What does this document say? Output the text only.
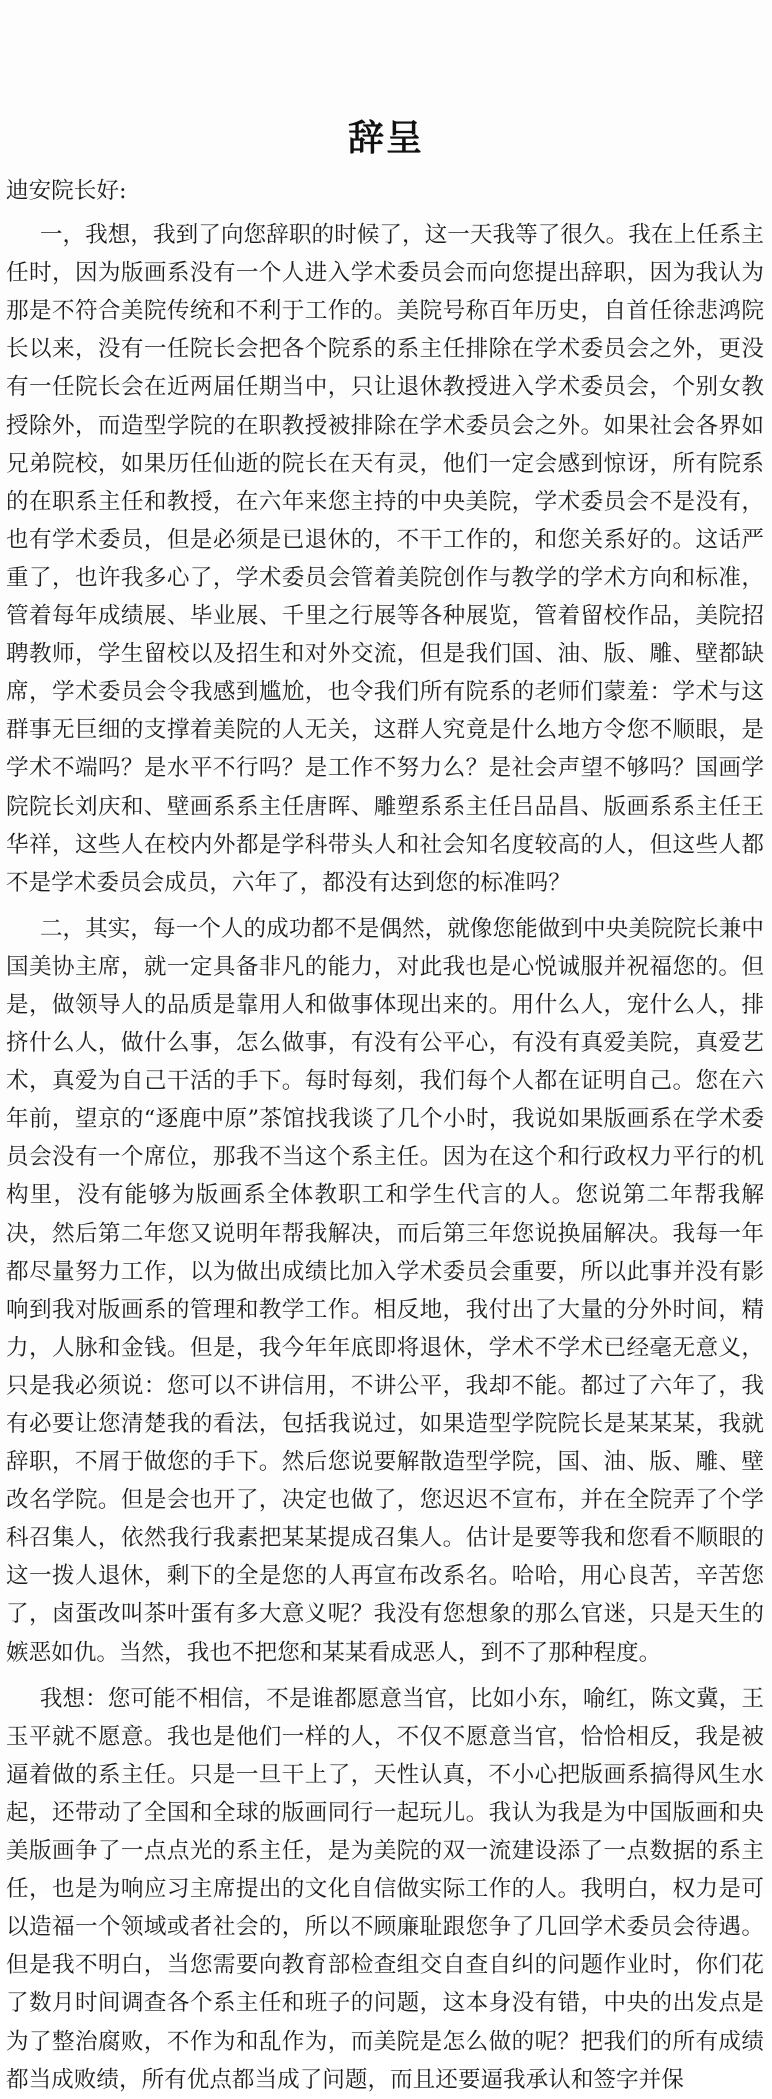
辞呈

迪安院长好:

一，我想，我到了向您辞职的时候了，这一天我等了很久。我在上任系主任时，因为版画系没有一个人进入学术委员会而向您提出辞职，因为我认为那是不符合美院传统和不利于工作的。美院号称百年历史，自首任徐悲鸿院长以来，没有一任院长会把各个院系的系主任排除在学术委员会之外，更没有一任院长会在近两届任期当中，只让退休教授进入学术委员会，个别女教授除外，而造型学院的在职教授被排除在学术委员会之外。如果社会各界如兄弟院校，如果历任仙逝的院长在天有灵，他们一定会感到惊讶，所有院系的在职系主任和教授，在六年来您主持的中央美院，学术委员会不是没有，也有学术委员，但是必须是已退休的，不干工作的，和您关系好的。这话严重了，也许我多心了，学术委员会管着美院创作与教学的学术方向和标准，管着每年成绩展、毕业展、千里之行展等各种展览，管着留校作品，美院招聘教师，学生留校以及招生和对外交流，但是我们国、油、版、雕、壁都缺席，学术委员会令我感到尴尬，也令我们所有院系的老师们蒙羞：学术与这群事无巨细的支撑着美院的人无关，这群人究竟是什么地方令您不顺眼，是学术不端吗？是水平不行吗？是工作不努力么？是社会声望不够吗？国画学院院长刘庆和、壁画系系主任唐晖、雕塑系系主任吕品昌、版画系系主任王华祥，这些人在校内外都是学科带头人和社会知名度较高的人，但这些人都不是学术委员会成员，六年了，都没有达到您的标准吗？

二，其实，每一个人的成功都不是偶然，就像您能做到中央美院院长兼中国美协主席，就一定具备非凡的能力，对此我也是心悦诚服并祝福您的。但是，做领导人的品质是靠用人和做事体现出来的。用什么人，宠什么人，排挤什么人，做什么事，怎么做事，有没有公平心，有没有真爱美院，真爱艺术，真爱为自己干活的手下。每时每刻，我们每个人都在证明自己。您在六年前，望京的“逐鹿中原”茶馆找我谈了几个小时，我说如果版画系在学术委员会没有一个席位，那我不当这个系主任。因为在这个和行政权力平行的机构里，没有能够为版画系全体教职工和学生代言的人。您说第二年帮我解决，然后第二年您又说明年帮我解决，而后第三年您说换届解决。我每一年都尽量努力工作，以为做出成绩比加入学术委员会重要，所以此事并没有影响到我对版画系的管理和教学工作。相反地，我付出了大量的分外时间，精力，人脉和金钱。但是，我今年年底即将退休，学术不学术已经毫无意义，只是我必须说：您可以不讲信用，不讲公平，我却不能。都过了六年了，我有必要让您清楚我的看法，包括我说过，如果造型学院院长是某某某，我就辞职，不屑于做您的手下。然后您说要解散造型学院，国、油、版、雕、壁改名学院。但是会也开了，决定也做了，您迟迟不宣布，并在全院弄了个学科召集人，依然我行我素把某某提成召集人。估计是要等我和您看不顺眼的这一拨人退休，剩下的全是您的人再宣布改系名。哈哈，用心良苦，辛苦您了，卤蛋改叫茶叶蛋有多大意义呢？我没有您想象的那么官迷，只是天生的嫉恶如仇。当然，我也不把您和某某看成恶人，到不了那种程度。

我想：您可能不相信，不是谁都愿意当官，比如小东，喻红，陈文冀，王玉平就不愿意。我也是他们一样的人，不仅不愿意当官，恰恰相反，我是被逼着做的系主任。只是一旦干上了，天性认真，不小心把版画系搞得风生水起，还带动了全国和全球的版画同行一起玩儿。我认为我是为中国版画和央美版画争了一点点光的系主任，是为美院的双一流建设添了一点数据的系主任，也是为响应习主席提出的文化自信做实际工作的人。我明白，权力是可以造福一个领域或者社会的，所以不顾廉耻跟您争了几回学术委员会待遇。但是我不明白，当您需要向教育部检查组交自查自纠的问题作业时，你们花了数月时间调查各个系主任和班子的问题，这本身没有错，中央的出发点是为了整治腐败，不作为和乱作为，而美院是怎么做的呢？把我们的所有成绩都当成败绩，所有优点都当成了问题，而且还要逼我承认和签字并保
